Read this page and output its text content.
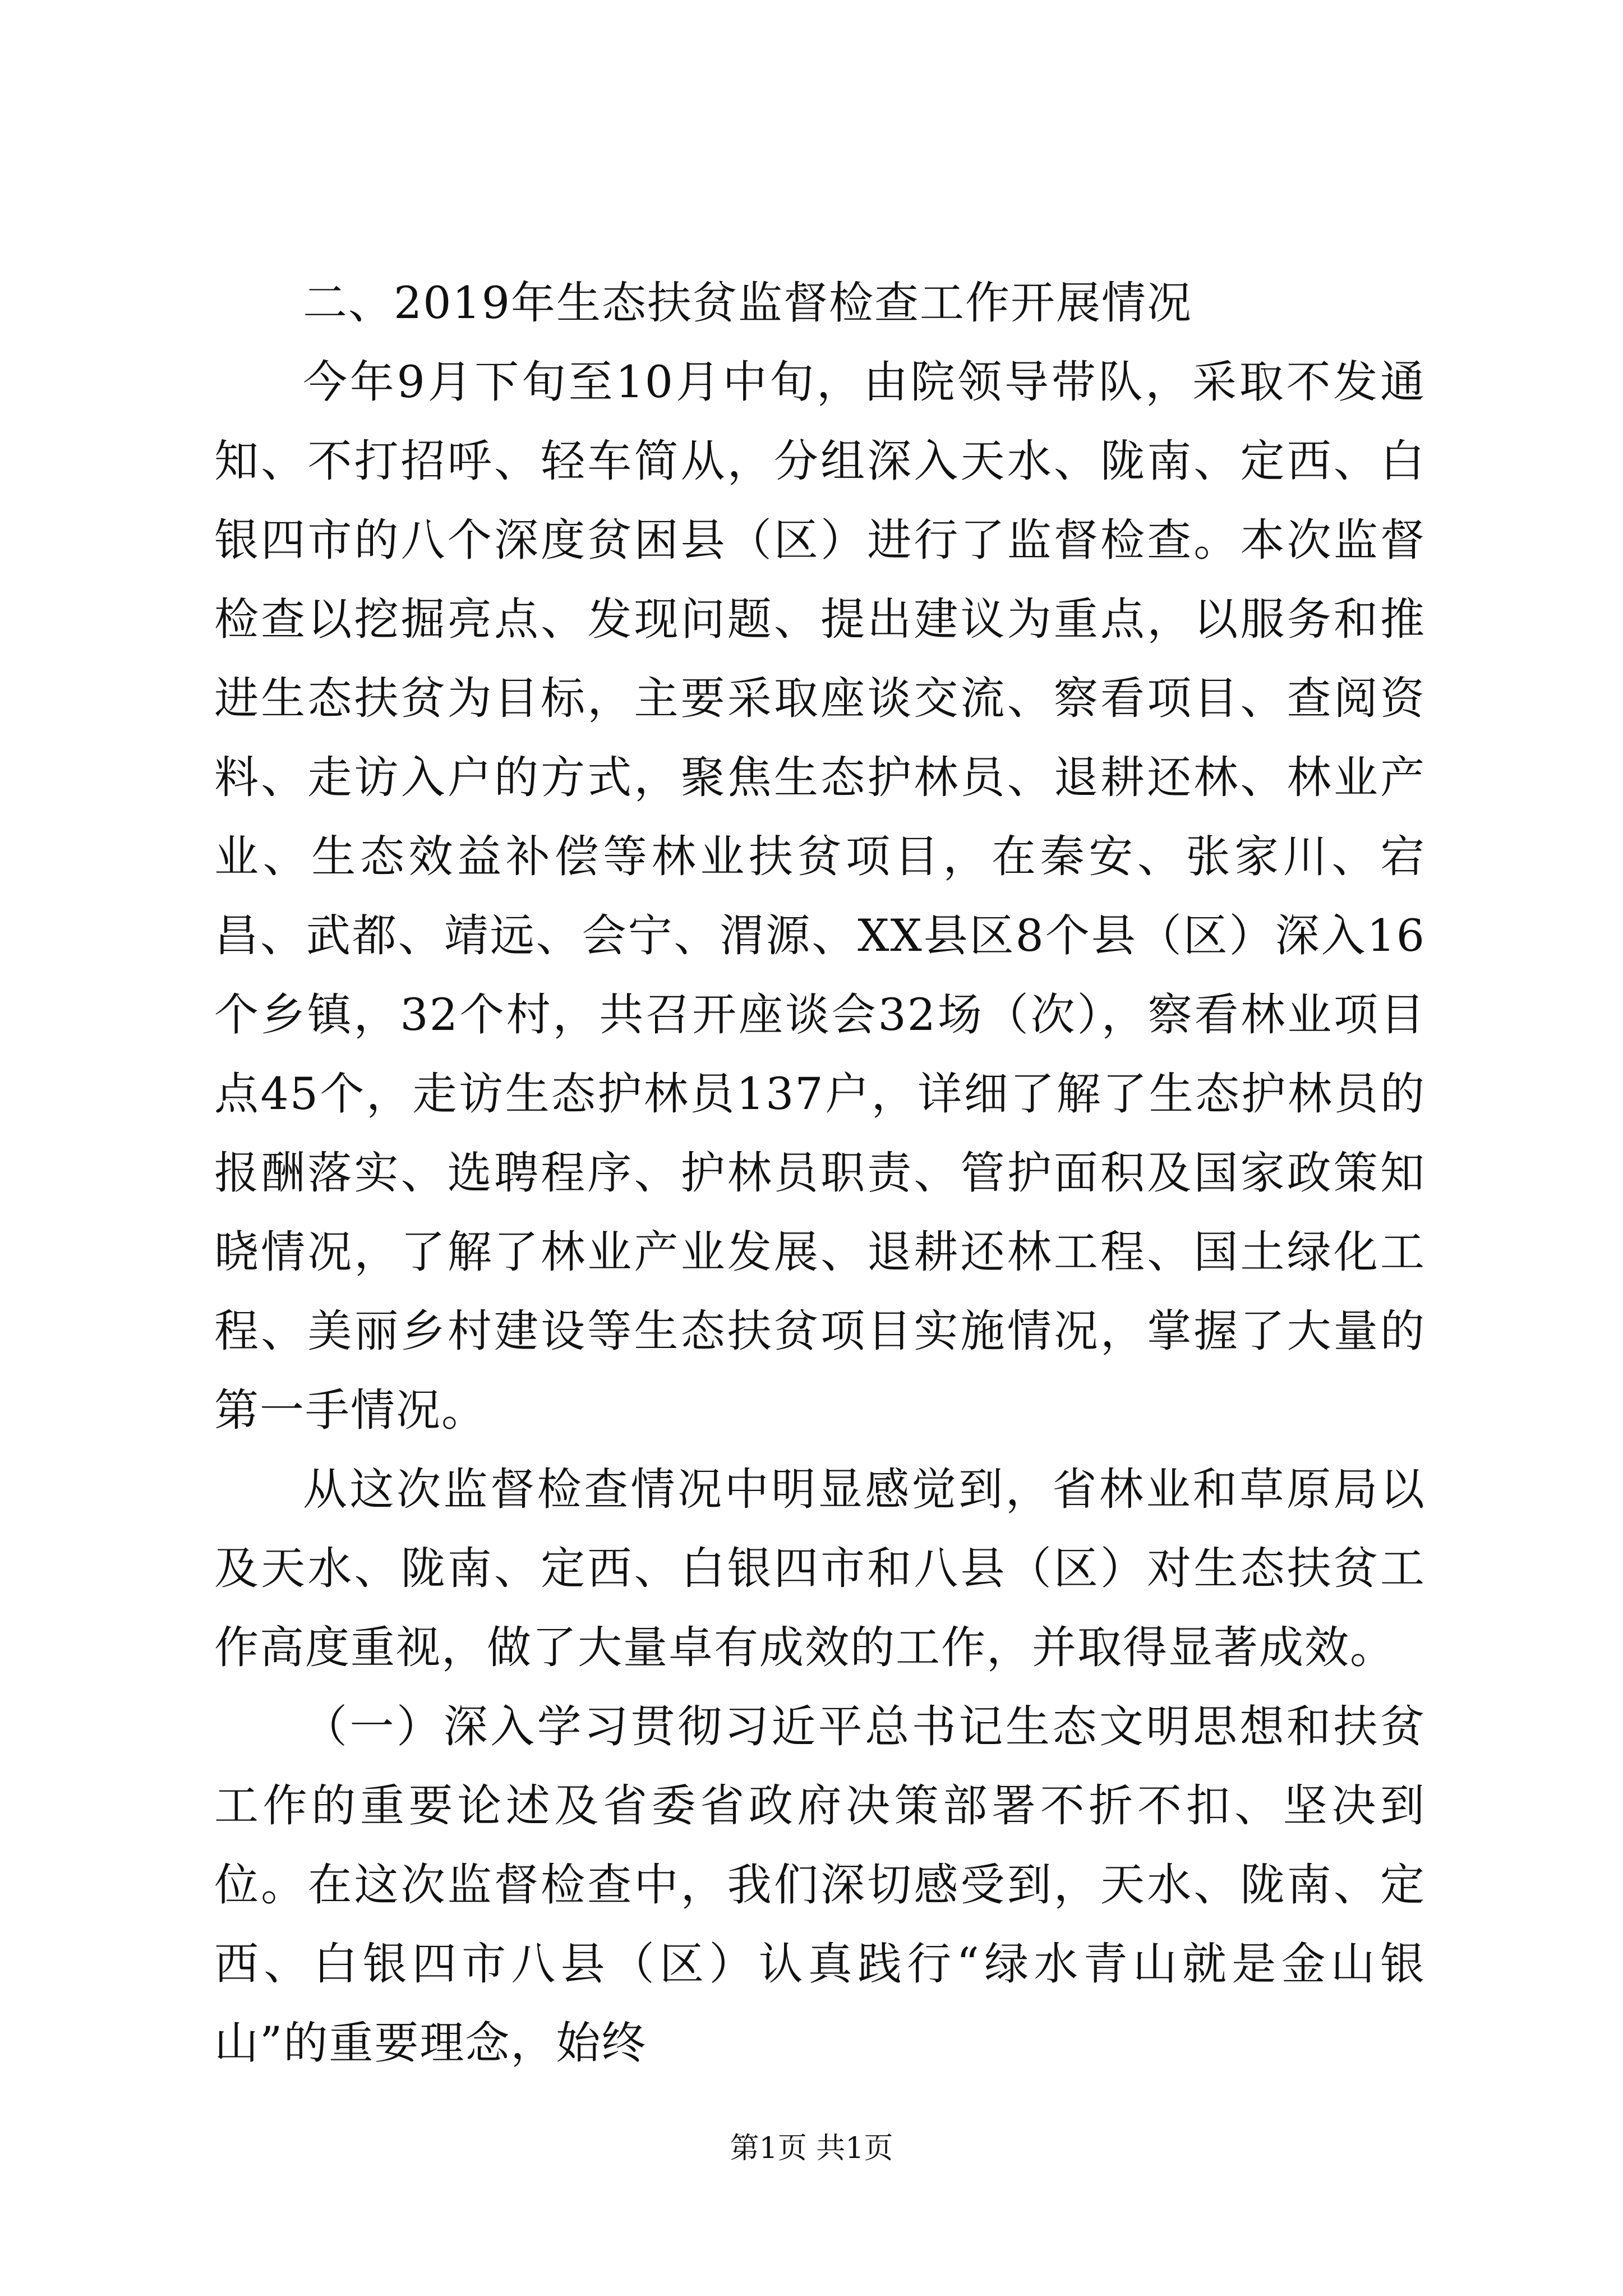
二、2019年生态扶贫监督检查工作开展情况

今年9月下旬至10月中旬，由院领导带队，采取不发通知、不打招呼、轻车简从，分组深入天水、陇南、定西、白银四市的八个深度贫困县（区）进行了监督检查。本次监督检查以挖掘亮点、发现问题、提出建议为重点，以服务和推进生态扶贫为目标，主要采取座谈交流、察看项目、查阅资料、走访入户的方式，聚焦生态护林员、退耕还林、林业产业、生态效益补偿等林业扶贫项目，在秦安、张家川、宕昌、武都、靖远、会宁、渭源、XX县区8个县（区）深入16个乡镇，32个村，共召开座谈会32场（次），察看林业项目点45个，走访生态护林员137户，详细了解了生态护林员的报酬落实、选聘程序、护林员职责、管护面积及国家政策知晓情况，了解了林业产业发展、退耕还林工程、国土绿化工程、美丽乡村建设等生态扶贫项目实施情况，掌握了大量的第一手情况。

从这次监督检查情况中明显感觉到，省林业和草原局以及天水、陇南、定西、白银四市和八县（区）对生态扶贫工作高度重视，做了大量卓有成效的工作，并取得显著成效。

（一）深入学习贯彻习近平总书记生态文明思想和扶贫工作的重要论述及省委省政府决策部署不折不扣、坚决到位。在这次监督检查中，我们深切感受到，天水、陇南、定西、白银四市八县（区）认真践行“绿水青山就是金山银山”的重要理念，始终

第1页 共1页
